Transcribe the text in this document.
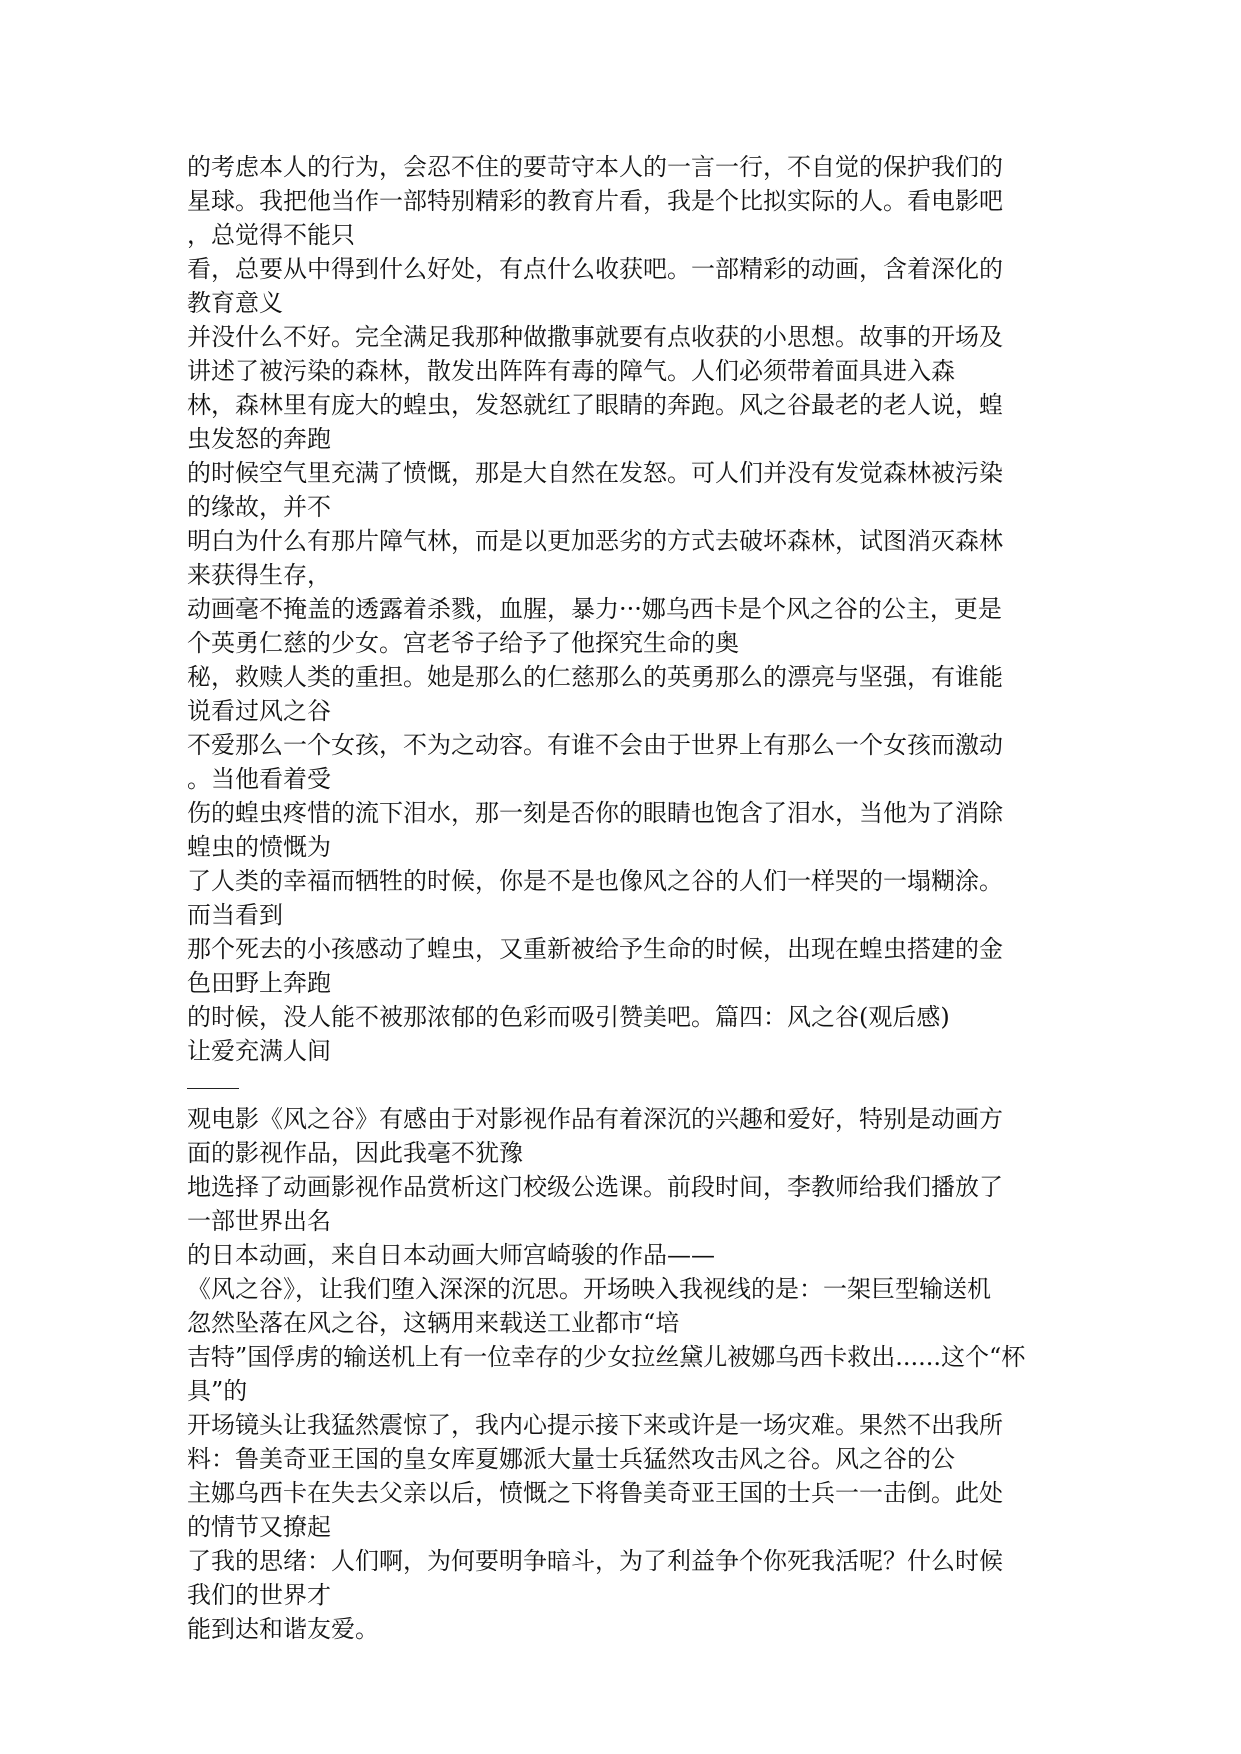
的考虑本人的行为，会忍不住的要苛守本人的一言一行，不自觉的保护我们的
星球。我把他当作一部特别精彩的教育片看，我是个比拟实际的人。看电影吧
，总觉得不能只
看，总要从中得到什么好处，有点什么收获吧。一部精彩的动画，含着深化的
教育意义
并没什么不好。完全满足我那种做撒事就要有点收获的小思想。故事的开场及
讲述了被污染的森林，散发出阵阵有毒的障气。人们必须带着面具进入森
林，森林里有庞大的蝗虫，发怒就红了眼睛的奔跑。风之谷最老的老人说，蝗
虫发怒的奔跑
的时候空气里充满了愤慨，那是大自然在发怒。可人们并没有发觉森林被污染
的缘故，并不
明白为什么有那片障气林，而是以更加恶劣的方式去破坏森林，试图消灭森林
来获得生存，
动画毫不掩盖的透露着杀戮，血腥，暴力···娜乌西卡是个风之谷的公主，更是
个英勇仁慈的少女。宫老爷子给予了他探究生命的奥
秘，救赎人类的重担。她是那么的仁慈那么的英勇那么的漂亮与坚强，有谁能
说看过风之谷
不爱那么一个女孩，不为之动容。有谁不会由于世界上有那么一个女孩而激动
。当他看着受
伤的蝗虫疼惜的流下泪水，那一刻是否你的眼睛也饱含了泪水，当他为了消除
蝗虫的愤慨为
了人类的幸福而牺牲的时候，你是不是也像风之谷的人们一样哭的一塌糊涂。
而当看到
那个死去的小孩感动了蝗虫，又重新被给予生命的时候，出现在蝗虫搭建的金
色田野上奔跑
的时候，没人能不被那浓郁的色彩而吸引赞美吧。篇四：风之谷(观后感)
让爱充满人间
观电影《风之谷》有感由于对影视作品有着深沉的兴趣和爱好，特别是动画方
面的影视作品，因此我毫不犹豫
地选择了动画影视作品赏析这门校级公选课。前段时间，李教师给我们播放了
一部世界出名
的日本动画，来自日本动画大师宫崎骏的作品——
《风之谷》，让我们堕入深深的沉思。开场映入我视线的是：一架巨型输送机
忽然坠落在风之谷，这辆用来载送工业都市“培
吉特”国俘虏的输送机上有一位幸存的少女拉丝黛儿被娜乌西卡救出......这个“杯
具”的
开场镜头让我猛然震惊了，我内心提示接下来或许是一场灾难。果然不出我所
料：鲁美奇亚王国的皇女库夏娜派大量士兵猛然攻击风之谷。风之谷的公
主娜乌西卡在失去父亲以后，愤慨之下将鲁美奇亚王国的士兵一一击倒。此处
的情节又撩起
了我的思绪：人们啊，为何要明争暗斗，为了利益争个你死我活呢？什么时候
我们的世界才
能到达和谐友爱。
